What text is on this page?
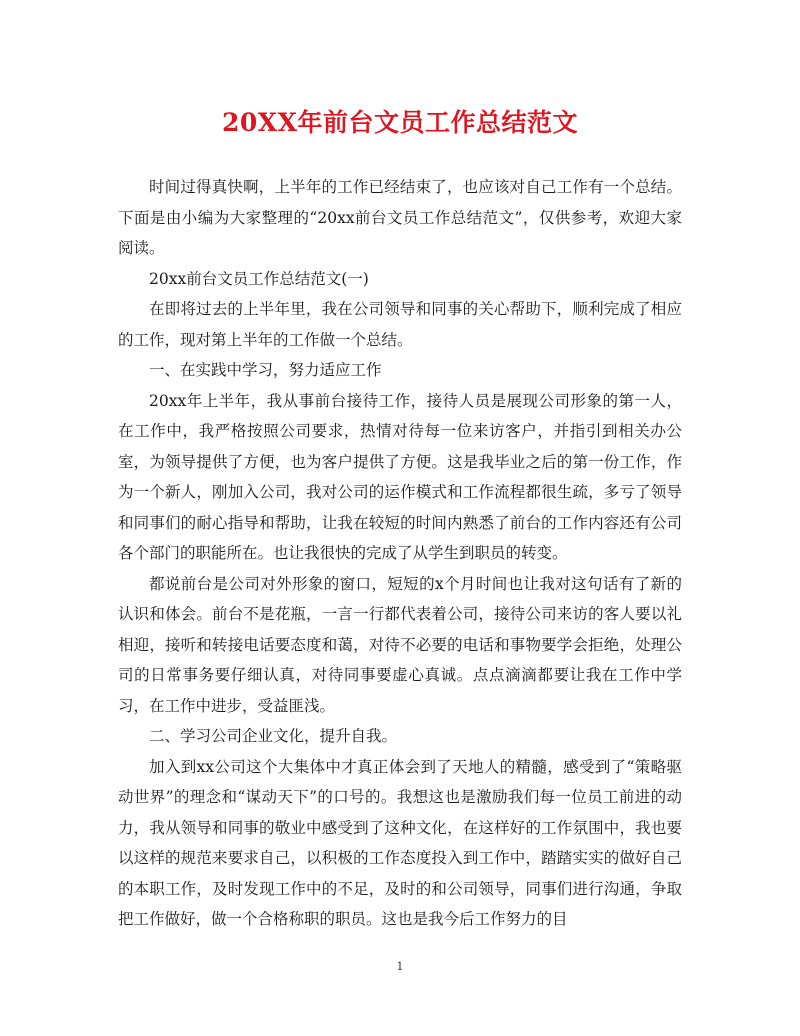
20XX年前台文员工作总结范文

时间过得真快啊，上半年的工作已经结束了，也应该对自己工作有一个总结。下面是由小编为大家整理的“20xx前台文员工作总结范文”，仅供参考，欢迎大家阅读。

20xx前台文员工作总结范文(一)

在即将过去的上半年里，我在公司领导和同事的关心帮助下，顺利完成了相应的工作，现对第上半年的工作做一个总结。

一、在实践中学习，努力适应工作

20xx年上半年，我从事前台接待工作，接待人员是展现公司形象的第一人，在工作中，我严格按照公司要求，热情对待每一位来访客户，并指引到相关办公室，为领导提供了方便，也为客户提供了方便。这是我毕业之后的第一份工作，作为一个新人，刚加入公司，我对公司的运作模式和工作流程都很生疏，多亏了领导和同事们的耐心指导和帮助，让我在较短的时间内熟悉了前台的工作内容还有公司各个部门的职能所在。也让我很快的完成了从学生到职员的转变。

都说前台是公司对外形象的窗口，短短的x个月时间也让我对这句话有了新的认识和体会。前台不是花瓶，一言一行都代表着公司，接待公司来访的客人要以礼相迎，接听和转接电话要态度和蔼，对待不必要的电话和事物要学会拒绝，处理公司的日常事务要仔细认真，对待同事要虚心真诚。点点滴滴都要让我在工作中学习，在工作中进步，受益匪浅。

二、学习公司企业文化，提升自我。

加入到xx公司这个大集体中才真正体会到了天地人的精髓，感受到了“策略驱动世界”的理念和“谋动天下”的口号的。我想这也是激励我们每一位员工前进的动力，我从领导和同事的敬业中感受到了这种文化，在这样好的工作氛围中，我也要以这样的规范来要求自己，以积极的工作态度投入到工作中，踏踏实实的做好自己的本职工作，及时发现工作中的不足，及时的和公司领导，同事们进行沟通，争取把工作做好，做一个合格称职的职员。这也是我今后工作努力的目

1
